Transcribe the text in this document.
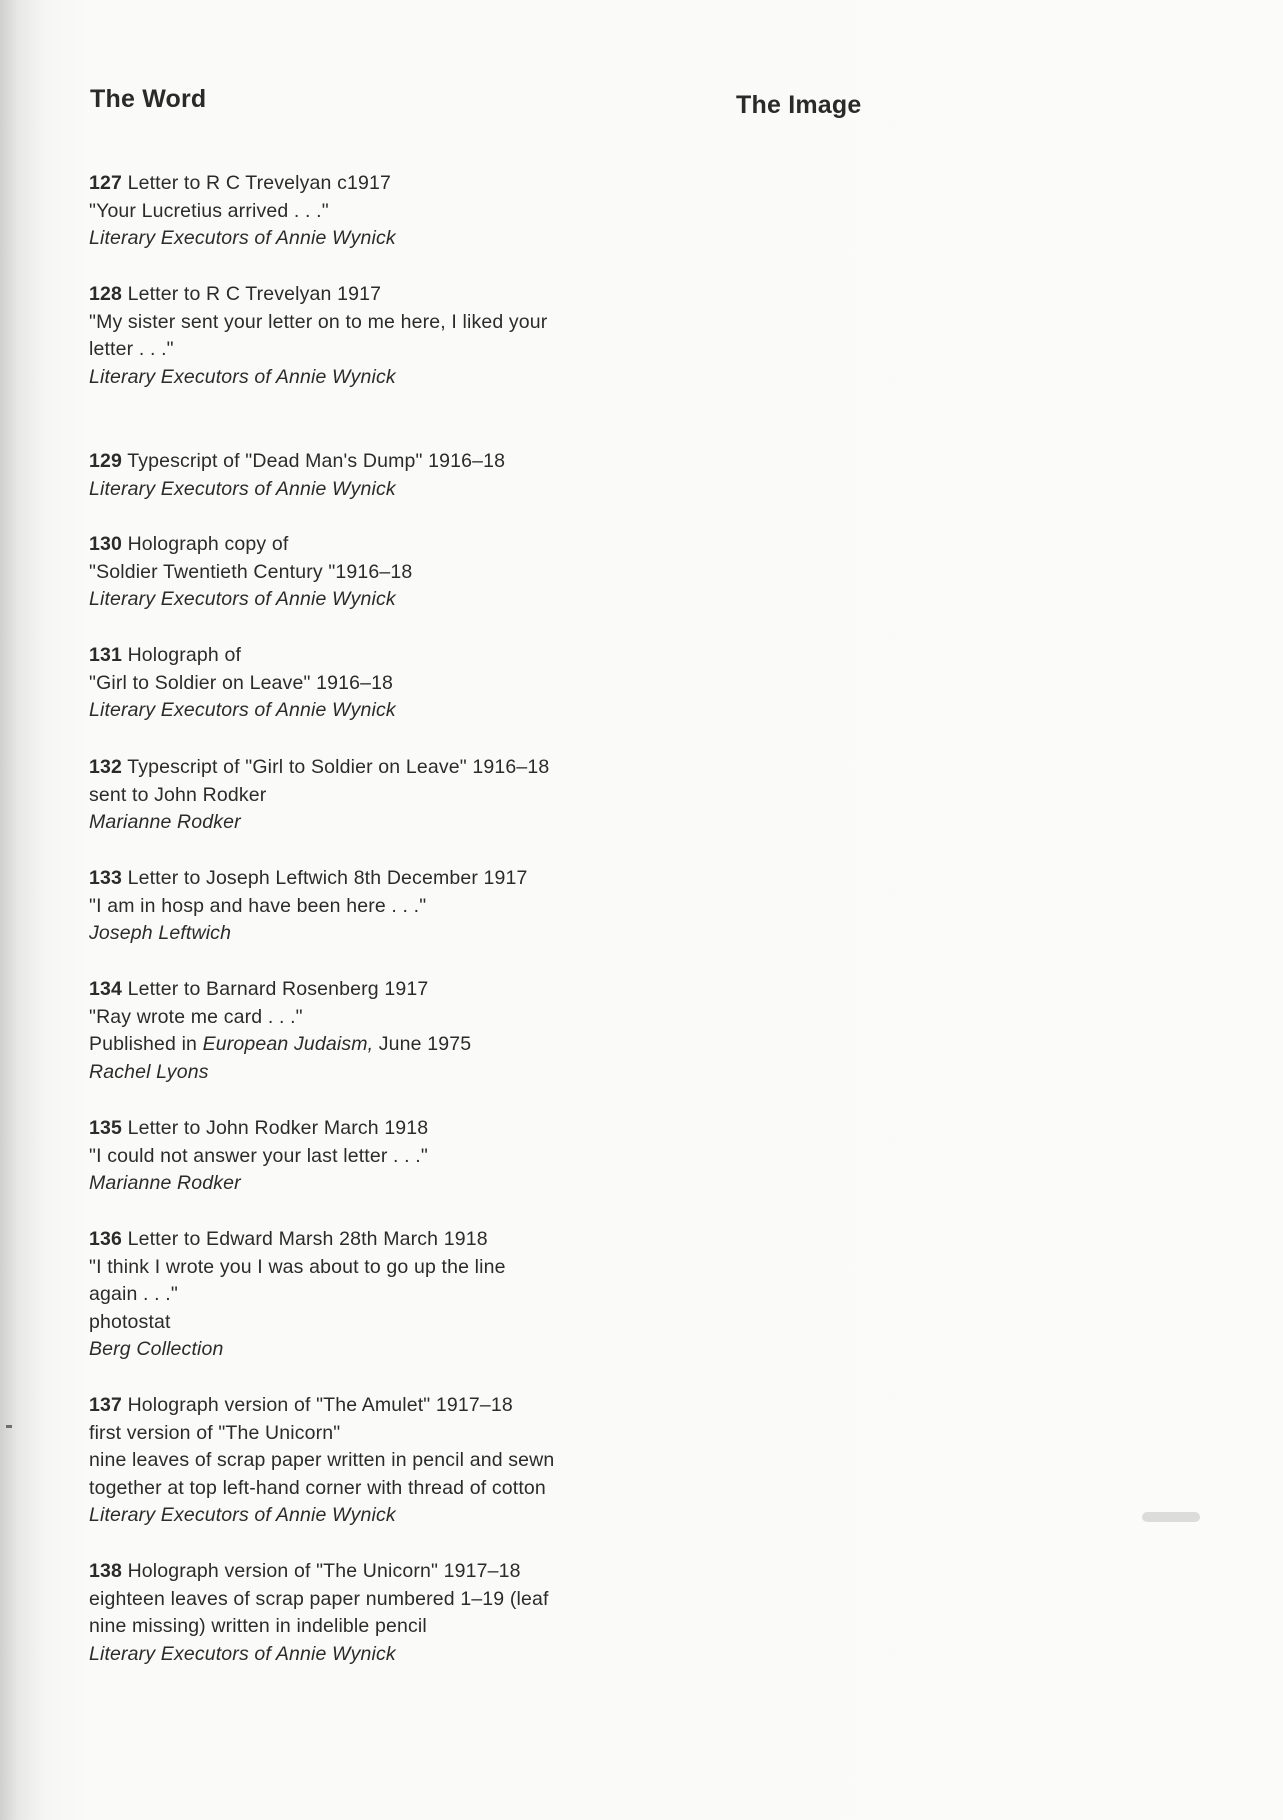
The Word	The Image
127 Letter to R C Trevelyan c1917
"Your Lucretius arrived . . ."
Literary Executors of Annie Wynick
128 Letter to R C Trevelyan 1917
"My sister sent your letter on to me here, I liked your
letter . . ."
Literary Executors of Annie Wynick
129 Typescript of "Dead Man's Dump" 1916–18
Literary Executors of Annie Wynick
130 Holograph copy of
"Soldier Twentieth Century "1916–18
Literary Executors of Annie Wynick
131 Holograph of
"Girl to Soldier on Leave" 1916–18
Literary Executors of Annie Wynick
132 Typescript of "Girl to Soldier on Leave" 1916–18
sent to John Rodker
Marianne Rodker
133 Letter to Joseph Leftwich 8th December 1917
"I am in hosp and have been here . . ."
Joseph Leftwich
134 Letter to Barnard Rosenberg 1917
"Ray wrote me card . . ."
Published in European Judaism, June 1975
Rachel Lyons
135 Letter to John Rodker March 1918
"I could not answer your last letter . . ."
Marianne Rodker
136 Letter to Edward Marsh 28th March 1918
"I think I wrote you I was about to go up the line
again . . ."
photostat
Berg Collection
137 Holograph version of "The Amulet" 1917–18
first version of "The Unicorn"
nine leaves of scrap paper written in pencil and sewn
together at top left-hand corner with thread of cotton
Literary Executors of Annie Wynick
138 Holograph version of "The Unicorn" 1917–18
eighteen leaves of scrap paper numbered 1–19 (leaf
nine missing) written in indelible pencil
Literary Executors of Annie Wynick
